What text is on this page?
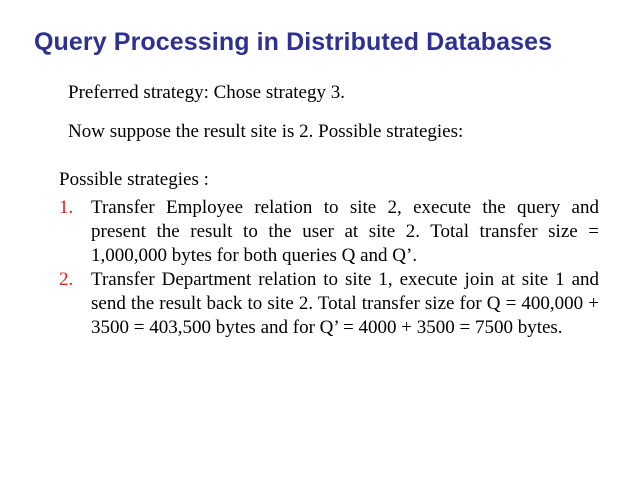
Query Processing in Distributed Databases
Preferred strategy: Chose strategy 3.
Now suppose the result site is 2. Possible strategies:
Possible strategies :
1. Transfer Employee relation to site 2, execute the query and present the result to the user at site 2. Total transfer size = 1,000,000 bytes for both queries Q and Q’.
2. Transfer Department relation to site 1, execute join at site 1 and send the result back to site 2. Total transfer size for Q = 400,000 + 3500 = 403,500 bytes and for Q’ = 4000 + 3500 = 7500 bytes.
